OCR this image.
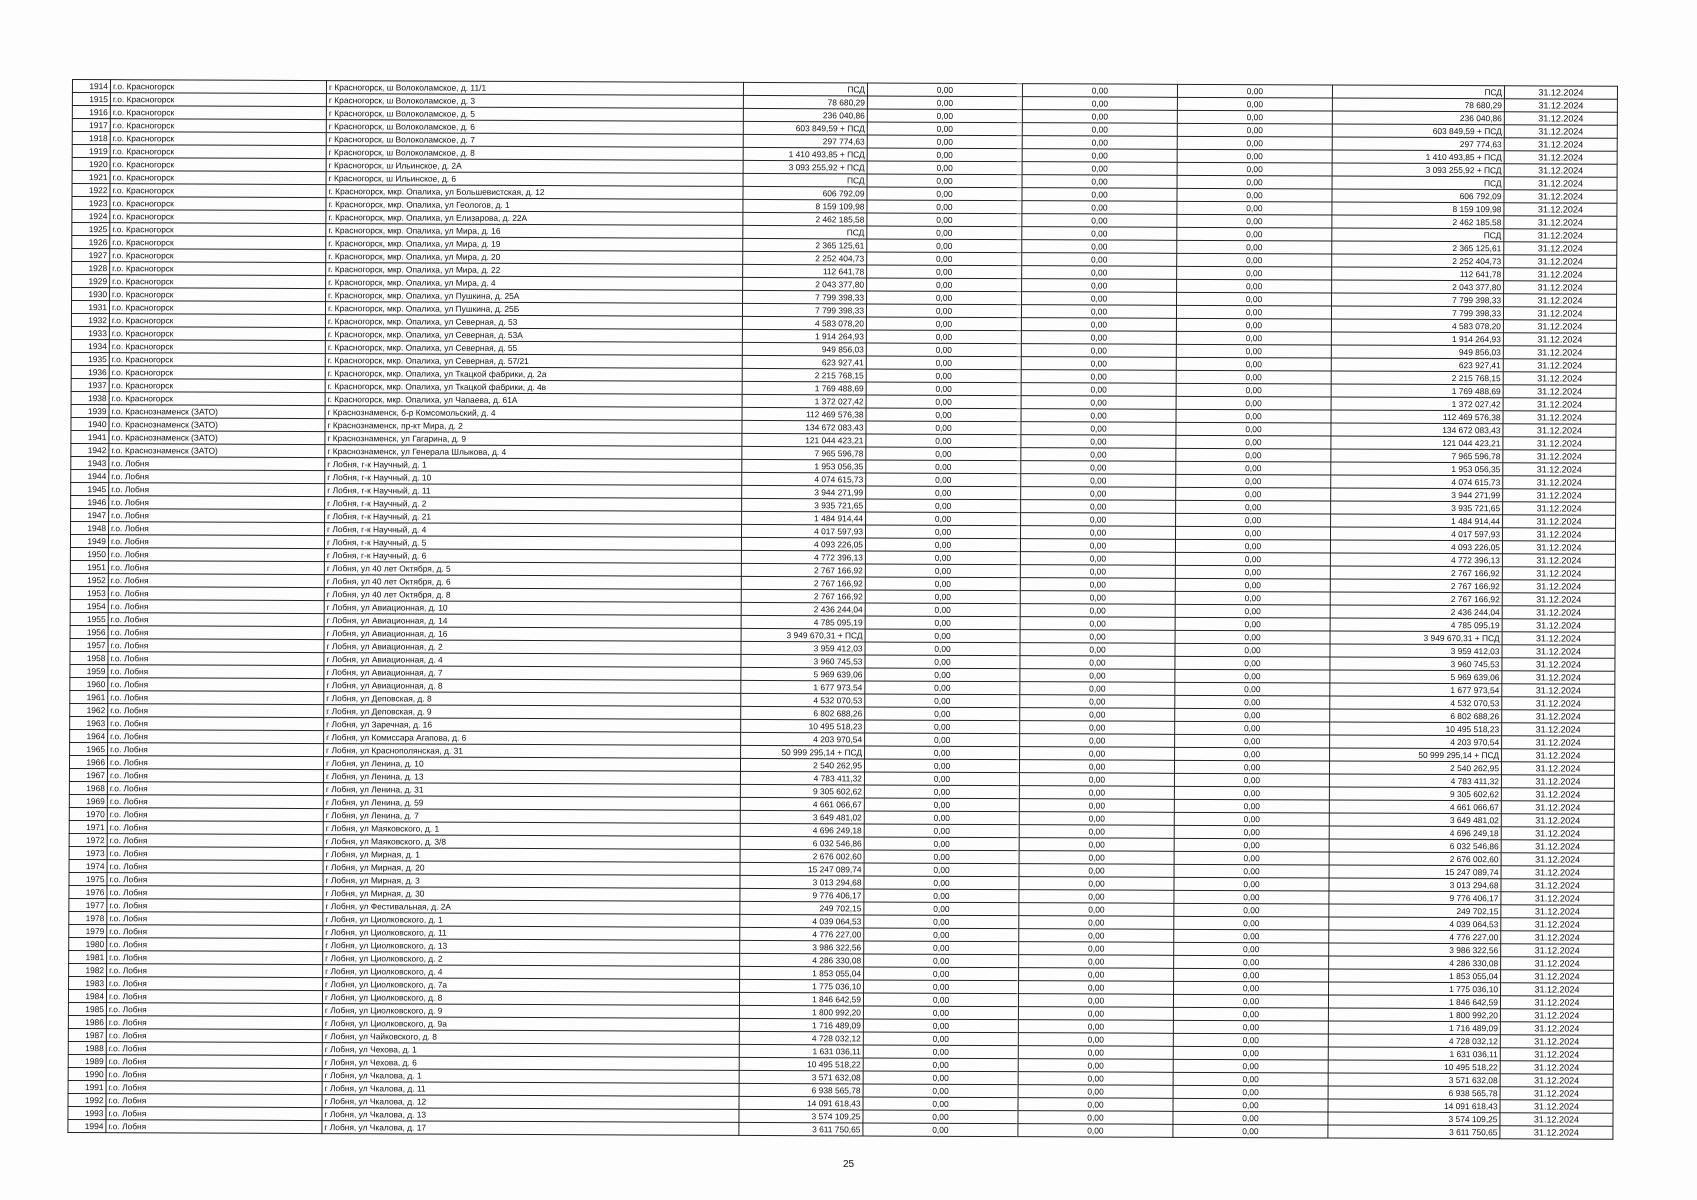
1914	г.о. Красногорск	г Красногорск, ш Волоколамское, д. 11/1	ПСД	0,00	0,00	0,00	ПСД	31.12.2024
1915	г.о. Красногорск	г Красногорск, ш Волоколамское, д. 3	78 680,29	0,00	0,00	0,00	78 680,29	31.12.2024
1916	г.о. Красногорск	г Красногорск, ш Волоколамское, д. 5	236 040,86	0,00	0,00	0,00	236 040,86	31.12.2024
1917	г.о. Красногорск	г Красногорск, ш Волоколамское, д. 6	603 849,59 + ПСД	0,00	0,00	0,00	603 849,59 + ПСД	31.12.2024
1918	г.о. Красногорск	г Красногорск, ш Волоколамское, д. 7	297 774,63	0,00	0,00	0,00	297 774,63	31.12.2024
1919	г.о. Красногорск	г Красногорск, ш Волоколамское, д. 8	1 410 493,85 + ПСД	0,00	0,00	0,00	1 410 493,85 + ПСД	31.12.2024
1920	г.о. Красногорск	г Красногорск, ш Ильинское, д. 2А	3 093 255,92 + ПСД	0,00	0,00	0,00	3 093 255,92 + ПСД	31.12.2024
1921	г.о. Красногорск	г Красногорск, ш Ильинское, д. 6	ПСД	0,00	0,00	0,00	ПСД	31.12.2024
1922	г.о. Красногорск	г. Красногорск, мкр. Опалиха, ул Большевистская, д. 12	606 792,09	0,00	0,00	0,00	606 792,09	31.12.2024
1923	г.о. Красногорск	г. Красногорск, мкр. Опалиха, ул Геологов, д. 1	8 159 109,98	0,00	0,00	0,00	8 159 109,98	31.12.2024
1924	г.о. Красногорск	г. Красногорск, мкр. Опалиха, ул Елизарова, д. 22А	2 462 185,58	0,00	0,00	0,00	2 462 185,58	31.12.2024
1925	г.о. Красногорск	г. Красногорск, мкр. Опалиха, ул Мира, д. 16	ПСД	0,00	0,00	0,00	ПСД	31.12.2024
1926	г.о. Красногорск	г. Красногорск, мкр. Опалиха, ул Мира, д. 19	2 365 125,61	0,00	0,00	0,00	2 365 125,61	31.12.2024
1927	г.о. Красногорск	г. Красногорск, мкр. Опалиха, ул Мира, д. 20	2 252 404,73	0,00	0,00	0,00	2 252 404,73	31.12.2024
1928	г.о. Красногорск	г. Красногорск, мкр. Опалиха, ул Мира, д. 22	112 641,78	0,00	0,00	0,00	112 641,78	31.12.2024
1929	г.о. Красногорск	г. Красногорск, мкр. Опалиха, ул Мира, д. 4	2 043 377,80	0,00	0,00	0,00	2 043 377,80	31.12.2024
1930	г.о. Красногорск	г. Красногорск, мкр. Опалиха, ул Пушкина, д. 25А	7 799 398,33	0,00	0,00	0,00	7 799 398,33	31.12.2024
1931	г.о. Красногорск	г. Красногорск, мкр. Опалиха, ул Пушкина, д. 25Б	7 799 398,33	0,00	0,00	0,00	7 799 398,33	31.12.2024
1932	г.о. Красногорск	г. Красногорск, мкр. Опалиха, ул Северная, д. 53	4 583 078,20	0,00	0,00	0,00	4 583 078,20	31.12.2024
1933	г.о. Красногорск	г. Красногорск, мкр. Опалиха, ул Северная, д. 53А	1 914 264,93	0,00	0,00	0,00	1 914 264,93	31.12.2024
1934	г.о. Красногорск	г. Красногорск, мкр. Опалиха, ул Северная, д. 55	949 856,03	0,00	0,00	0,00	949 856,03	31.12.2024
1935	г.о. Красногорск	г. Красногорск, мкр. Опалиха, ул Северная, д. 57/21	623 927,41	0,00	0,00	0,00	623 927,41	31.12.2024
1936	г.о. Красногорск	г. Красногорск, мкр. Опалиха, ул Ткацкой фабрики, д. 2а	2 215 768,15	0,00	0,00	0,00	2 215 768,15	31.12.2024
1937	г.о. Красногорск	г. Красногорск, мкр. Опалиха, ул Ткацкой фабрики, д. 4в	1 769 488,69	0,00	0,00	0,00	1 769 488,69	31.12.2024
1938	г.о. Красногорск	г. Красногорск, мкр. Опалиха, ул Чапаева, д. 61А	1 372 027,42	0,00	0,00	0,00	1 372 027,42	31.12.2024
1939	г.о. Краснознаменск (ЗАТО)	г Краснознаменск, б-р Комсомольский, д. 4	112 469 576,38	0,00	0,00	0,00	112 469 576,38	31.12.2024
1940	г.о. Краснознаменск (ЗАТО)	г Краснознаменск, пр-кт Мира, д. 2	134 672 083,43	0,00	0,00	0,00	134 672 083,43	31.12.2024
1941	г.о. Краснознаменск (ЗАТО)	г Краснознаменск, ул Гагарина, д. 9	121 044 423,21	0,00	0,00	0,00	121 044 423,21	31.12.2024
1942	г.о. Краснознаменск (ЗАТО)	г Краснознаменск, ул Генерала Шлыкова, д. 4	7 965 596,78	0,00	0,00	0,00	7 965 596,78	31.12.2024
1943	г.о. Лобня	г Лобня, г-к Научный, д. 1	1 953 056,35	0,00	0,00	0,00	1 953 056,35	31.12.2024
1944	г.о. Лобня	г Лобня, г-к Научный, д. 10	4 074 615,73	0,00	0,00	0,00	4 074 615,73	31.12.2024
1945	г.о. Лобня	г Лобня, г-к Научный, д. 11	3 944 271,99	0,00	0,00	0,00	3 944 271,99	31.12.2024
1946	г.о. Лобня	г Лобня, г-к Научный, д. 2	3 935 721,65	0,00	0,00	0,00	3 935 721,65	31.12.2024
1947	г.о. Лобня	г Лобня, г-к Научный, д. 21	1 484 914,44	0,00	0,00	0,00	1 484 914,44	31.12.2024
1948	г.о. Лобня	г Лобня, г-к Научный, д. 4	4 017 597,93	0,00	0,00	0,00	4 017 597,93	31.12.2024
1949	г.о. Лобня	г Лобня, г-к Научный, д. 5	4 093 226,05	0,00	0,00	0,00	4 093 226,05	31.12.2024
1950	г.о. Лобня	г Лобня, г-к Научный, д. 6	4 772 396,13	0,00	0,00	0,00	4 772 396,13	31.12.2024
1951	г.о. Лобня	г Лобня, ул 40 лет Октября, д. 5	2 767 166,92	0,00	0,00	0,00	2 767 166,92	31.12.2024
1952	г.о. Лобня	г Лобня, ул 40 лет Октября, д. 6	2 767 166,92	0,00	0,00	0,00	2 767 166,92	31.12.2024
1953	г.о. Лобня	г Лобня, ул 40 лет Октября, д. 8	2 767 166,92	0,00	0,00	0,00	2 767 166,92	31.12.2024
1954	г.о. Лобня	г Лобня, ул Авиационная, д. 10	2 436 244,04	0,00	0,00	0,00	2 436 244,04	31.12.2024
1955	г.о. Лобня	г Лобня, ул Авиационная, д. 14	4 785 095,19	0,00	0,00	0,00	4 785 095,19	31.12.2024
1956	г.о. Лобня	г Лобня, ул Авиационная, д. 16	3 949 670,31 + ПСД	0,00	0,00	0,00	3 949 670,31 + ПСД	31.12.2024
1957	г.о. Лобня	г Лобня, ул Авиационная, д. 2	3 959 412,03	0,00	0,00	0,00	3 959 412,03	31.12.2024
1958	г.о. Лобня	г Лобня, ул Авиационная, д. 4	3 960 745,53	0,00	0,00	0,00	3 960 745,53	31.12.2024
1959	г.о. Лобня	г Лобня, ул Авиационная, д. 7	5 969 639,06	0,00	0,00	0,00	5 969 639,06	31.12.2024
1960	г.о. Лобня	г Лобня, ул Авиационная, д. 8	1 677 973,54	0,00	0,00	0,00	1 677 973,54	31.12.2024
1961	г.о. Лобня	г Лобня, ул Деповская, д. 8	4 532 070,53	0,00	0,00	0,00	4 532 070,53	31.12.2024
1962	г.о. Лобня	г Лобня, ул Деповская, д. 9	6 802 688,26	0,00	0,00	0,00	6 802 688,26	31.12.2024
1963	г.о. Лобня	г Лобня, ул Заречная, д. 16	10 495 518,23	0,00	0,00	0,00	10 495 518,23	31.12.2024
1964	г.о. Лобня	г Лобня, ул Комиссара Агапова, д. 6	4 203 970,54	0,00	0,00	0,00	4 203 970,54	31.12.2024
1965	г.о. Лобня	г Лобня, ул Краснополянская, д. 31	50 999 295,14 + ПСД	0,00	0,00	0,00	50 999 295,14 + ПСД	31.12.2024
1966	г.о. Лобня	г Лобня, ул Ленина, д. 10	2 540 262,95	0,00	0,00	0,00	2 540 262,95	31.12.2024
1967	г.о. Лобня	г Лобня, ул Ленина, д. 13	4 783 411,32	0,00	0,00	0,00	4 783 411,32	31.12.2024
1968	г.о. Лобня	г Лобня, ул Ленина, д. 31	9 305 602,62	0,00	0,00	0,00	9 305 602,62	31.12.2024
1969	г.о. Лобня	г Лобня, ул Ленина, д. 59	4 661 066,67	0,00	0,00	0,00	4 661 066,67	31.12.2024
1970	г.о. Лобня	г Лобня, ул Ленина, д. 7	3 649 481,02	0,00	0,00	0,00	3 649 481,02	31.12.2024
1971	г.о. Лобня	г Лобня, ул Маяковского, д. 1	4 696 249,18	0,00	0,00	0,00	4 696 249,18	31.12.2024
1972	г.о. Лобня	г Лобня, ул Маяковского, д. 3/8	6 032 546,86	0,00	0,00	0,00	6 032 546,86	31.12.2024
1973	г.о. Лобня	г Лобня, ул Мирная, д. 1	2 676 002,60	0,00	0,00	0,00	2 676 002,60	31.12.2024
1974	г.о. Лобня	г Лобня, ул Мирная, д. 20	15 247 089,74	0,00	0,00	0,00	15 247 089,74	31.12.2024
1975	г.о. Лобня	г Лобня, ул Мирная, д. 3	3 013 294,68	0,00	0,00	0,00	3 013 294,68	31.12.2024
1976	г.о. Лобня	г Лобня, ул Мирная, д. 30	9 776 406,17	0,00	0,00	0,00	9 776 406,17	31.12.2024
1977	г.о. Лобня	г Лобня, ул Фестивальная, д. 2А	249 702,15	0,00	0,00	0,00	249 702,15	31.12.2024
1978	г.о. Лобня	г Лобня, ул Циолковского, д. 1	4 039 064,53	0,00	0,00	0,00	4 039 064,53	31.12.2024
1979	г.о. Лобня	г Лобня, ул Циолковского, д. 11	4 776 227,00	0,00	0,00	0,00	4 776 227,00	31.12.2024
1980	г.о. Лобня	г Лобня, ул Циолковского, д. 13	3 986 322,56	0,00	0,00	0,00	3 986 322,56	31.12.2024
1981	г.о. Лобня	г Лобня, ул Циолковского, д. 2	4 286 330,08	0,00	0,00	0,00	4 286 330,08	31.12.2024
1982	г.о. Лобня	г Лобня, ул Циолковского, д. 4	1 853 055,04	0,00	0,00	0,00	1 853 055,04	31.12.2024
1983	г.о. Лобня	г Лобня, ул Циолковского, д. 7а	1 775 036,10	0,00	0,00	0,00	1 775 036,10	31.12.2024
1984	г.о. Лобня	г Лобня, ул Циолковского, д. 8	1 846 642,59	0,00	0,00	0,00	1 846 642,59	31.12.2024
1985	г.о. Лобня	г Лобня, ул Циолковского, д. 9	1 800 992,20	0,00	0,00	0,00	1 800 992,20	31.12.2024
1986	г.о. Лобня	г Лобня, ул Циолковского, д. 9а	1 716 489,09	0,00	0,00	0,00	1 716 489,09	31.12.2024
1987	г.о. Лобня	г Лобня, ул Чайковского, д. 8	4 728 032,12	0,00	0,00	0,00	4 728 032,12	31.12.2024
1988	г.о. Лобня	г Лобня, ул Чехова, д. 1	1 631 036,11	0,00	0,00	0,00	1 631 036,11	31.12.2024
1989	г.о. Лобня	г Лобня, ул Чехова, д. 6	10 495 518,22	0,00	0,00	0,00	10 495 518,22	31.12.2024
1990	г.о. Лобня	г Лобня, ул Чкалова, д. 1	3 571 632,08	0,00	0,00	0,00	3 571 632,08	31.12.2024
1991	г.о. Лобня	г Лобня, ул Чкалова, д. 11	6 938 565,78	0,00	0,00	0,00	6 938 565,78	31.12.2024
1992	г.о. Лобня	г Лобня, ул Чкалова, д. 12	14 091 618,43	0,00	0,00	0,00	14 091 618,43	31.12.2024
1993	г.о. Лобня	г Лобня, ул Чкалова, д. 13	3 574 109,25	0,00	0,00	0,00	3 574 109,25	31.12.2024
1994	г.о. Лобня	г Лобня, ул Чкалова, д. 17	3 611 750,65	0,00	0,00	0,00	3 611 750,65	31.12.2024
25
